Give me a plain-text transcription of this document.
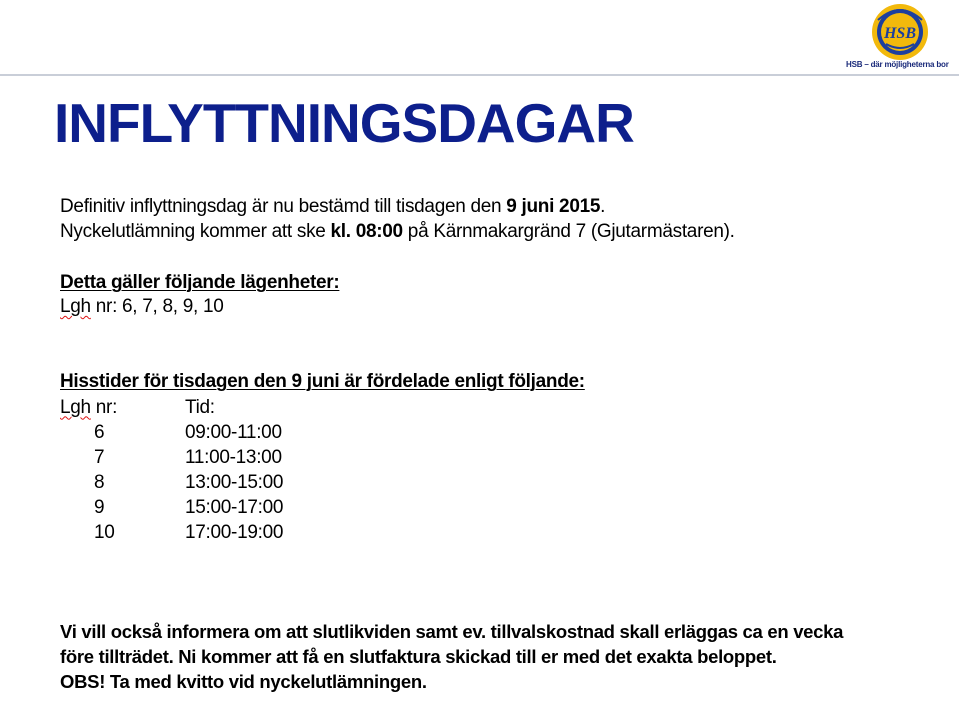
HSB
HSB – där möjligheterna bor
INFLYTTNINGSDAGAR
Definitiv inflyttningsdag är nu bestämd till tisdagen den 9 juni 2015.
Nyckelutlämning kommer att ske kl. 08:00 på Kärnmakargränd 7 (Gjutarmästaren).
Detta gäller följande lägenheter:
Lgh nr: 6, 7, 8, 9, 10
Hisstider för tisdagen den 9 juni är fördelade enligt följande:
Lgh nr:	Tid:
6	09:00-11:00
7	11:00-13:00
8	13:00-15:00
9	15:00-17:00
10	17:00-19:00
Vi vill också informera om att slutlikviden samt ev. tillvalskostnad skall erläggas ca en vecka
före tillträdet. Ni kommer att få en slutfaktura skickad till er med det exakta beloppet.
OBS! Ta med kvitto vid nyckelutlämningen.
